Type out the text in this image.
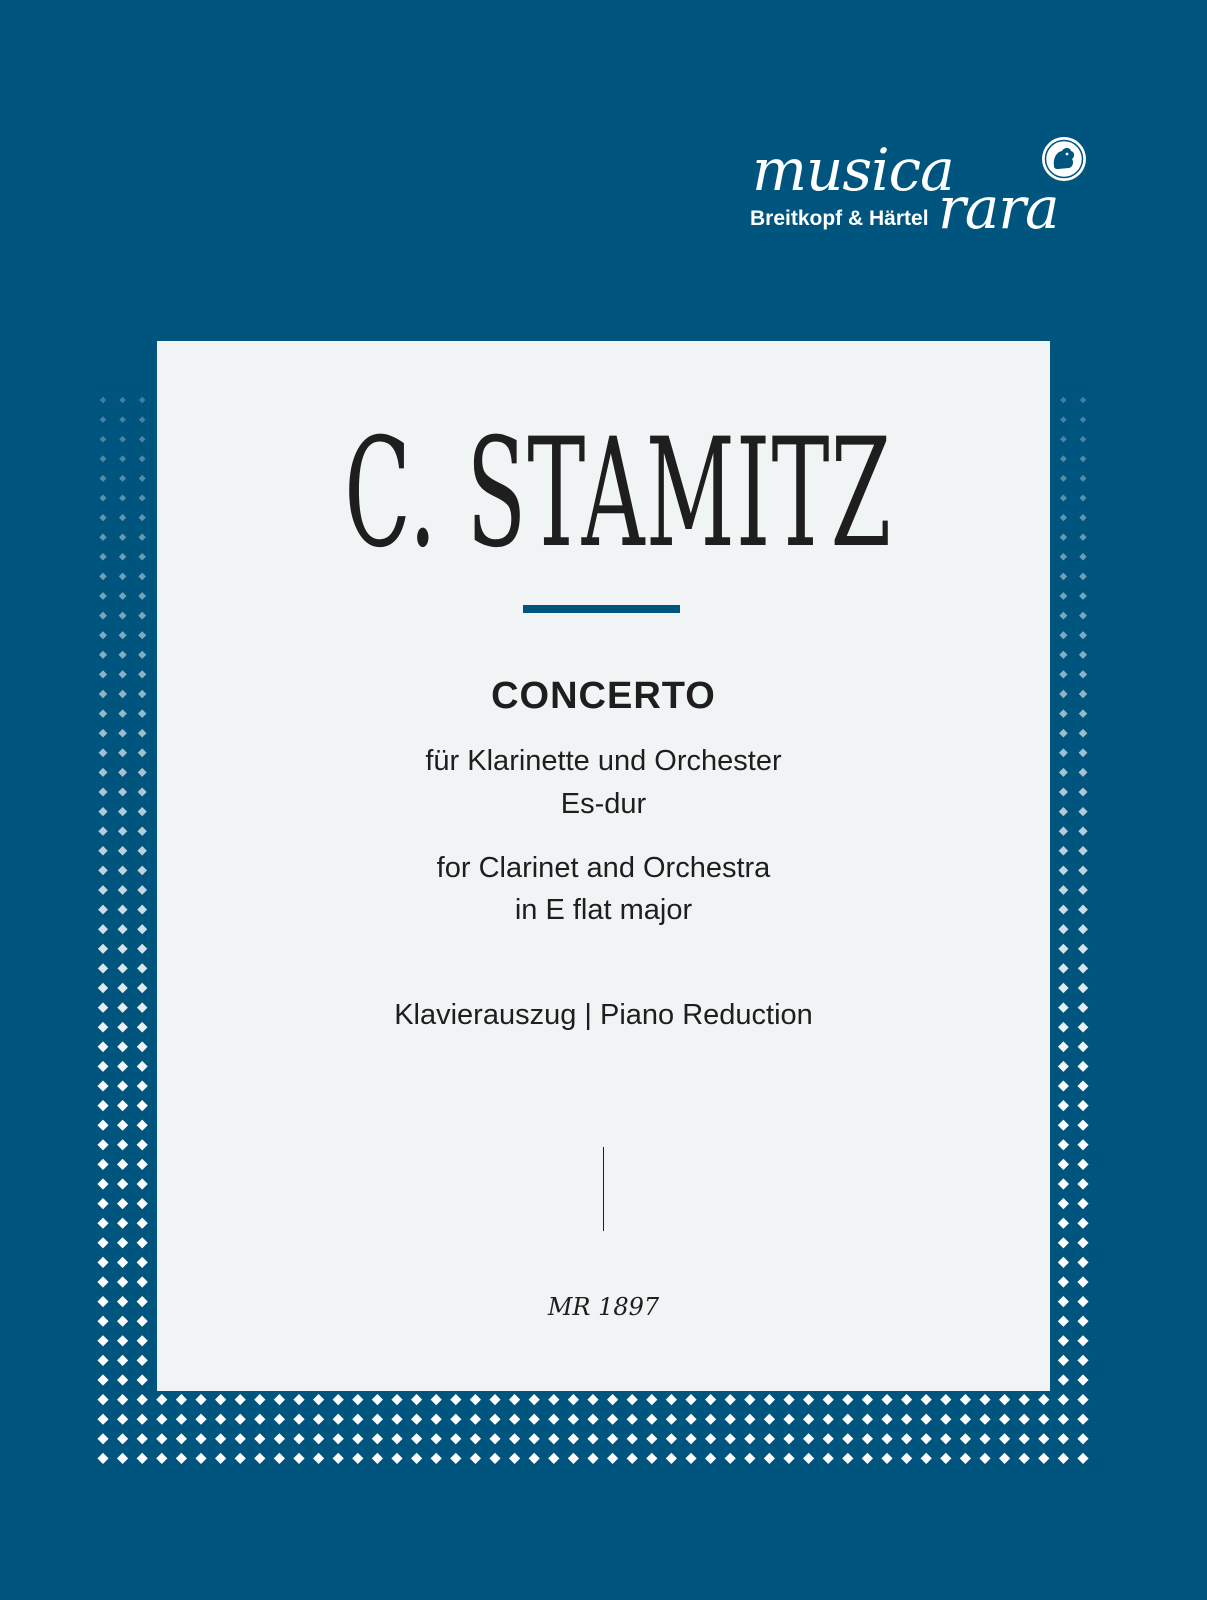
musica
rara
Breitkopf & Härtel
C. STAMITZ
CONCERTO
für Klarinette und Orchester
Es-dur
for Clarinet and Orchestra
in E flat major
Klavierauszug | Piano Reduction
MR 1897
